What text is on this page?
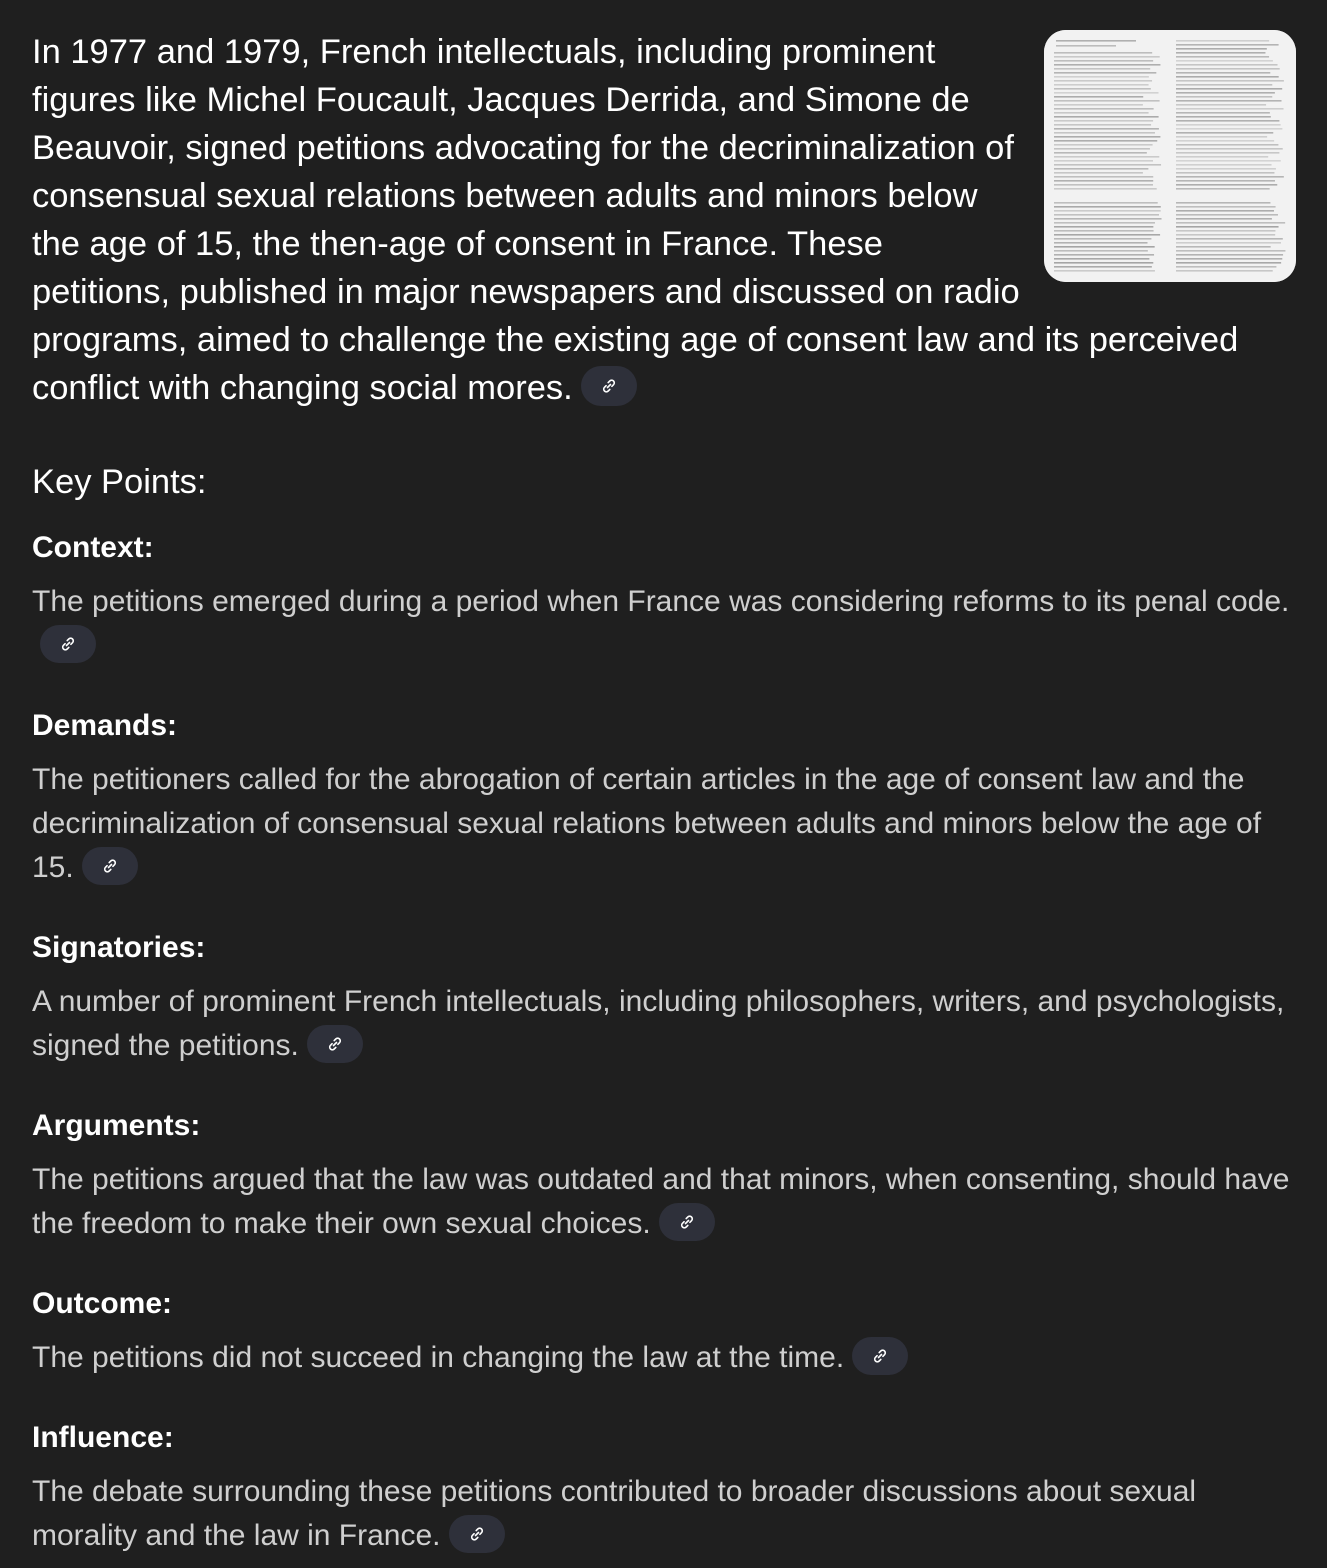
In 1977 and 1979, French intellectuals, including prominent figures like Michel Foucault, Jacques Derrida, and Simone de Beauvoir, signed petitions advocating for the decriminalization of consensual sexual relations between adults and minors below the age of 15, the then-age of consent in France. These petitions, published in major newspapers and discussed on radio programs, aimed to challenge the existing age of consent law and its perceived conflict with changing social mores.

Key Points:

Context:

The petitions emerged during a period when France was considering reforms to its penal code.

Demands:

The petitioners called for the abrogation of certain articles in the age of consent law and the decriminalization of consensual sexual relations between adults and minors below the age of 15.

Signatories:

A number of prominent French intellectuals, including philosophers, writers, and psychologists, signed the petitions.

Arguments:

The petitions argued that the law was outdated and that minors, when consenting, should have the freedom to make their own sexual choices.

Outcome:

The petitions did not succeed in changing the law at the time.

Influence:

The debate surrounding these petitions contributed to broader discussions about sexual morality and the law in France.
